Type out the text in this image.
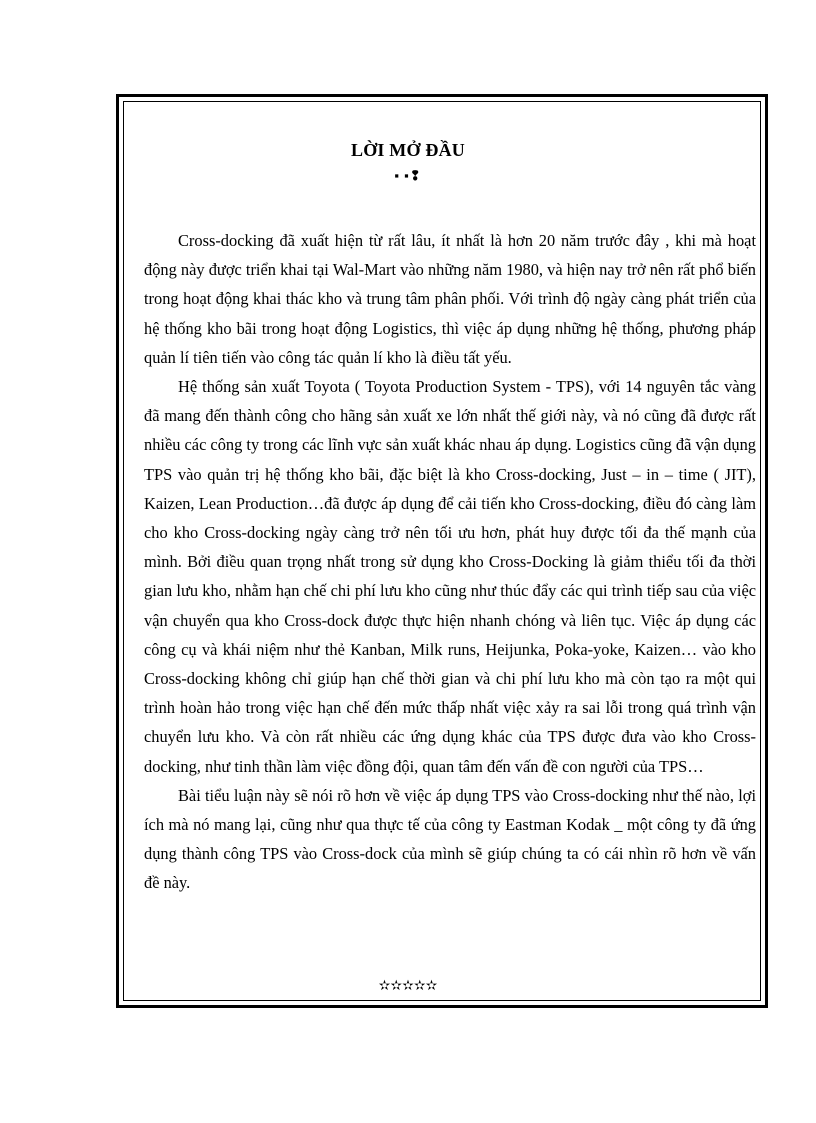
LỜI MỞ ĐẦU
▪ ▪❢

Cross-docking đã xuất hiện từ rất lâu, ít nhất là hơn 20 năm trước đây , khi mà hoạt động này được triển khai tại Wal-Mart vào những năm 1980, và hiện nay trở nên rất phổ biến trong hoạt động khai thác kho và trung tâm phân phối. Với trình độ ngày càng phát triển của hệ thống kho bãi trong hoạt động Logistics, thì việc áp dụng những hệ thống, phương pháp quản lí tiên tiến vào công tác quản lí kho là điều tất yếu.

Hệ thống sản xuất Toyota ( Toyota Production System - TPS), với 14 nguyên tắc vàng đã mang đến thành công cho hãng sản xuất xe lớn nhất thế giới này, và nó cũng đã được rất nhiều các công ty trong các lĩnh vực sản xuất khác nhau áp dụng. Logistics cũng đã vận dụng TPS vào quản trị hệ thống kho bãi, đặc biệt là kho Cross-docking, Just – in – time ( JIT), Kaizen, Lean Production…đã được áp dụng để cải tiến kho Cross-docking, điều đó càng làm cho kho Cross-docking ngày càng trở nên tối ưu hơn, phát huy được tối đa thế mạnh của mình. Bởi điều quan trọng nhất trong sử dụng kho Cross-Docking là giảm thiểu tối đa thời gian lưu kho, nhằm hạn chế chi phí lưu kho cũng như thúc đẩy các qui trình tiếp sau của việc vận chuyển qua kho Cross-dock được thực hiện nhanh chóng và liên tục. Việc áp dụng các công cụ và khái niệm như thẻ Kanban, Milk runs, Heijunka, Poka-yoke, Kaizen… vào kho Cross-docking không chỉ giúp hạn chế thời gian và chi phí lưu kho mà còn tạo ra một qui trình hoàn hảo trong việc hạn chế đến mức thấp nhất việc xảy ra sai lỗi trong quá trình vận chuyển lưu kho. Và còn rất nhiều các ứng dụng khác của TPS được đưa vào kho Cross-docking, như tinh thần làm việc đồng đội, quan tâm đến vấn đề con người của TPS…

Bài tiểu luận này sẽ nói rõ hơn về việc áp dụng TPS vào Cross-docking như thế nào, lợi ích mà nó mang lại, cũng như qua thực tế của công ty Eastman Kodak _ một công ty đã ứng dụng thành công TPS vào Cross-dock của mình sẽ giúp chúng ta có cái nhìn rõ hơn về vấn đề này.

✫✫✫✫✫
